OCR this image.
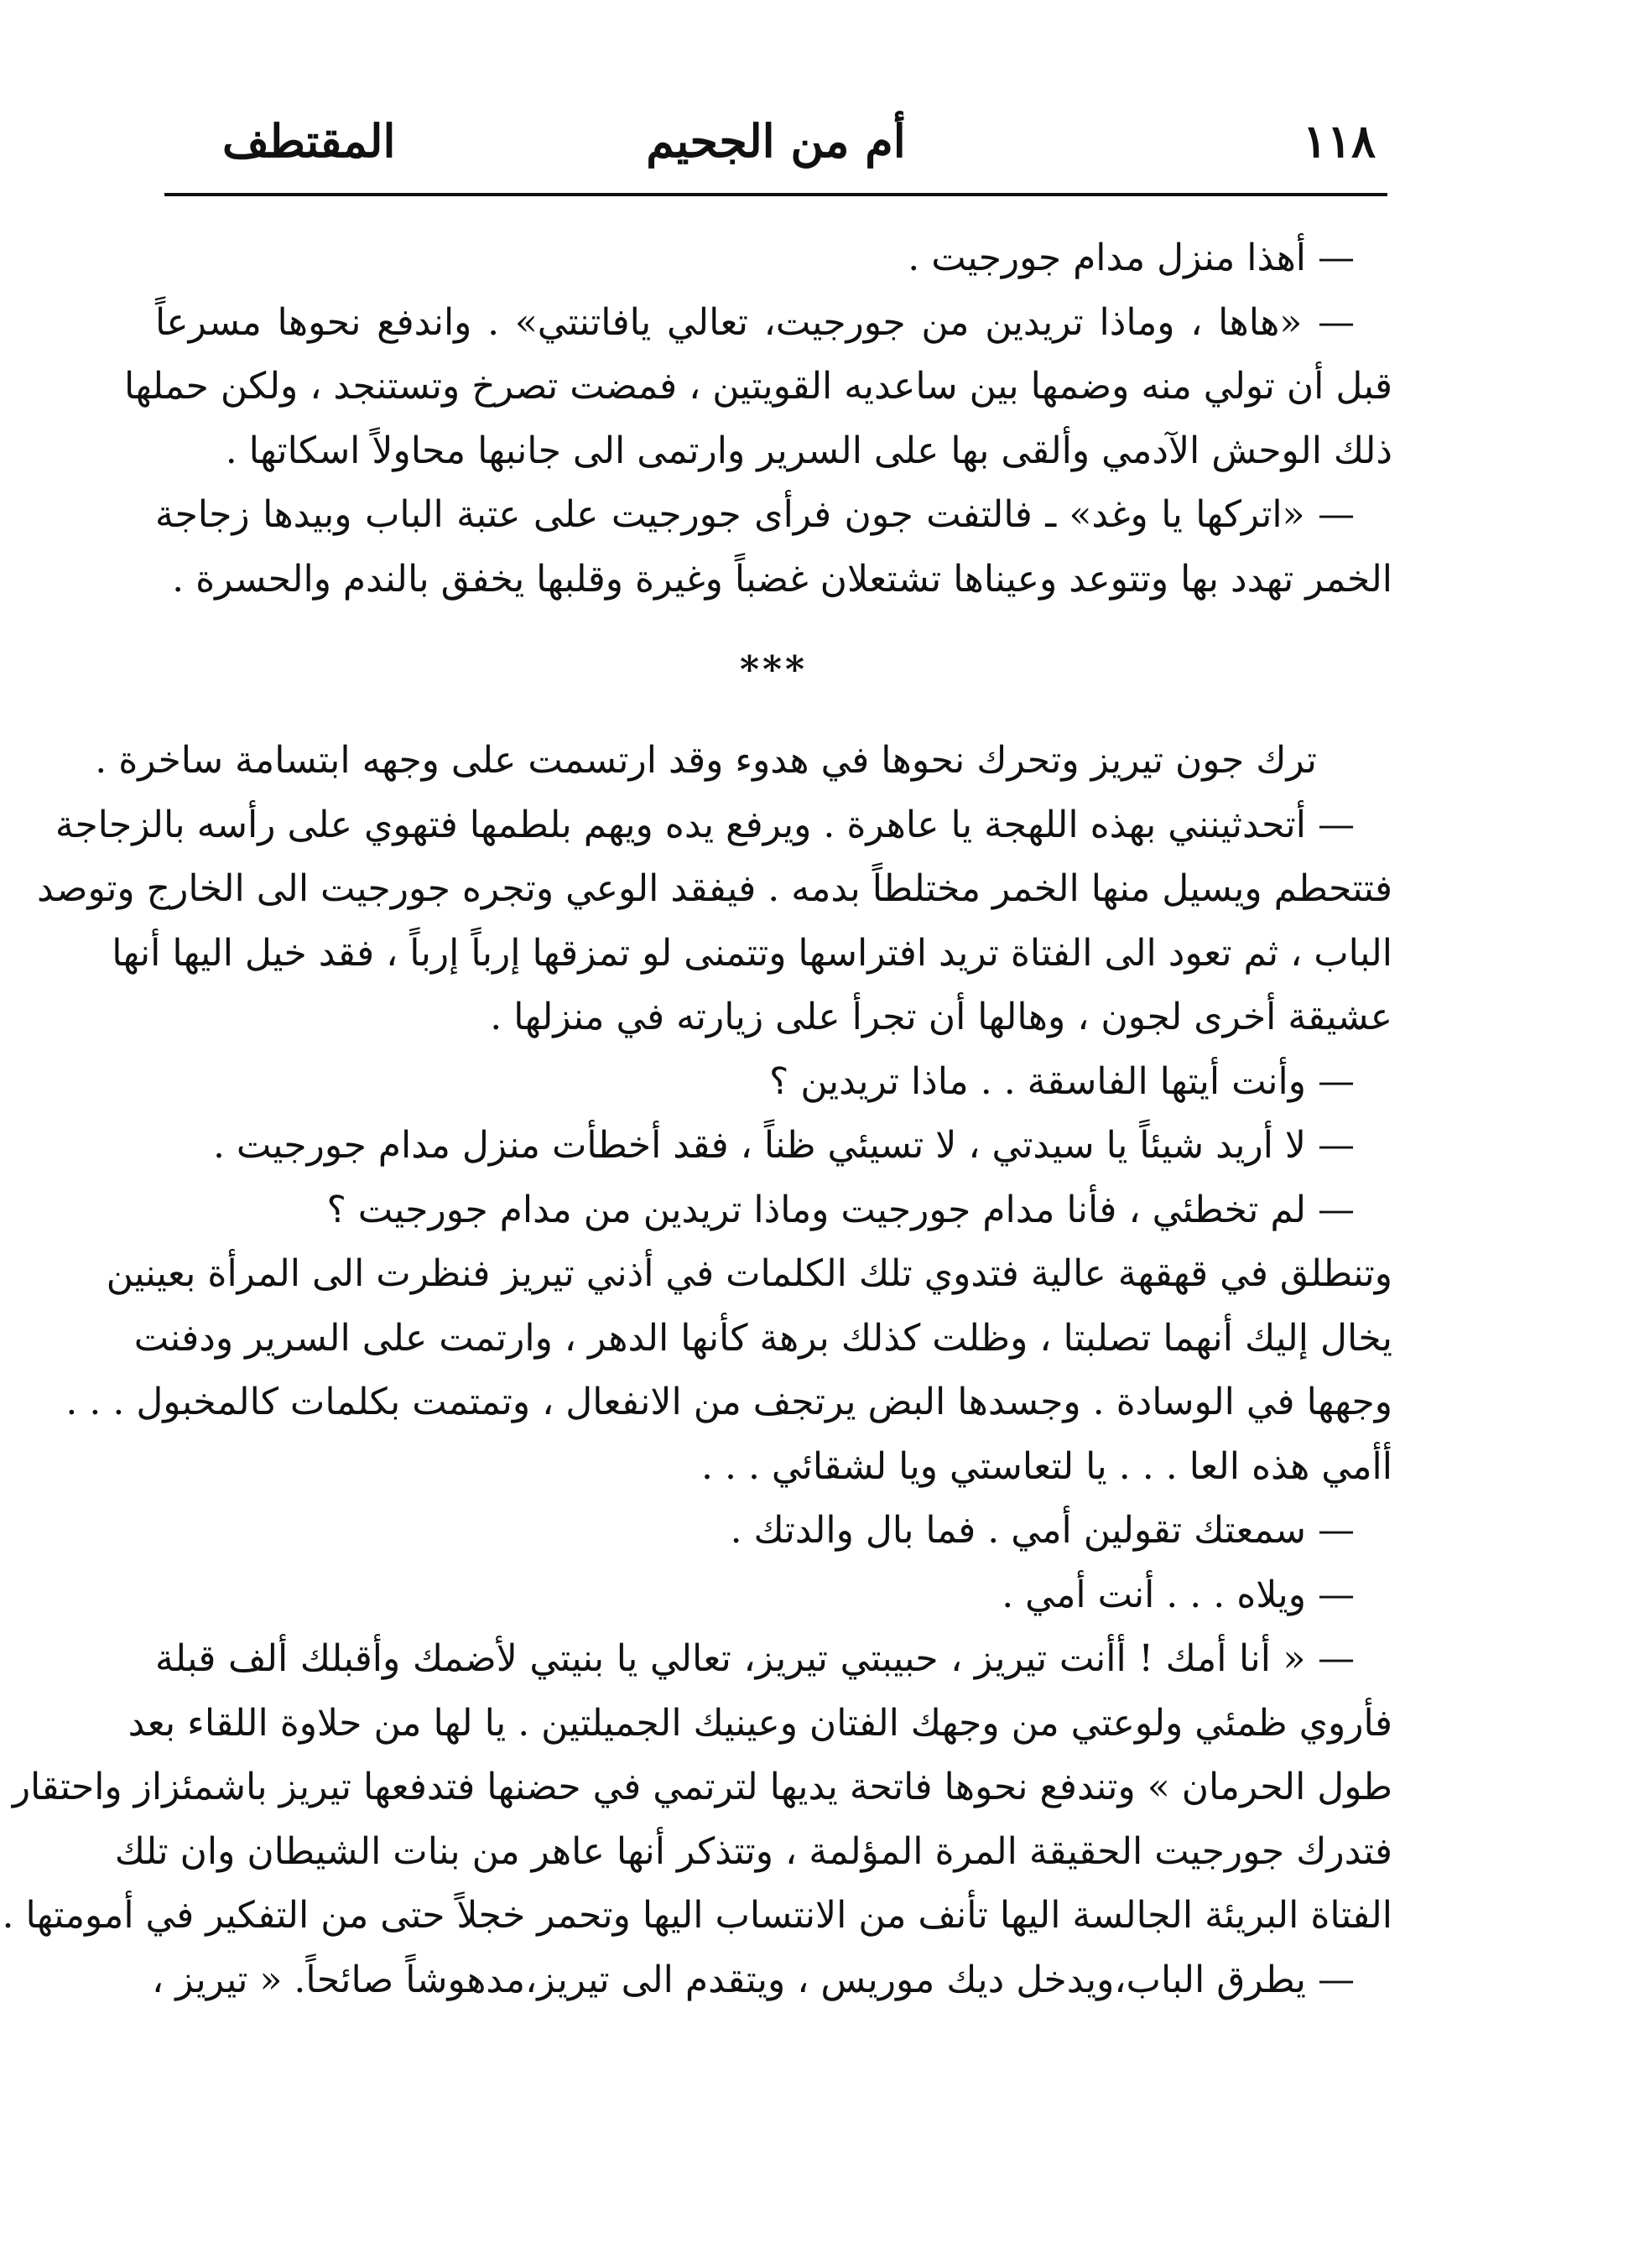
١١٨
أم من الجحيم
المقتطف
— أهذا منزل مدام جورجيت .
— «هاها ، وماذا تريدين من جورجيت، تعالي يافاتنتي» . واندفع نحوها مسرعاً
قبل أن تولي منه وضمها بين ساعديه القويتين ، فمضت تصرخ وتستنجد ، ولكن حملها
ذلك الوحش الآدمي وألقى بها على السرير وارتمى الى جانبها محاولاً اسكاتها .
— «اتركها يا وغد» ـ فالتفت جون فرأى جورجيت على عتبة الباب وبيدها زجاجة
الخمر تهدد بها وتتوعد وعيناها تشتعلان غضباً وغيرة وقلبها يخفق بالندم والحسرة .
***
ترك جون تيريز وتحرك نحوها في هدوء وقد ارتسمت على وجهه ابتسامة ساخرة .
— أتحدثينني بهذه اللهجة يا عاهرة . ويرفع يده ويهم بلطمها فتهوي على رأسه بالزجاجة
فتتحطم ويسيل منها الخمر مختلطاً بدمه . فيفقد الوعي وتجره جورجيت الى الخارج وتوصد
الباب ، ثم تعود الى الفتاة تريد افتراسها وتتمنى لو تمزقها إرباً إرباً ، فقد خيل اليها أنها
عشيقة أخرى لجون ، وهالها أن تجرأ على زيارته في منزلها .
— وأنت أيتها الفاسقة . . ماذا تريدين ؟
— لا أريد شيئاً يا سيدتي ، لا تسيئي ظناً ، فقد أخطأت منزل مدام جورجيت .
— لم تخطئي ، فأنا مدام جورجيت وماذا تريدين من مدام جورجيت ؟
وتنطلق في قهقهة عالية فتدوي تلك الكلمات في أذني تيريز فنظرت الى المرأة بعينين
يخال إليك أنهما تصلبتا ، وظلت كذلك برهة كأنها الدهر ، وارتمت على السرير ودفنت
وجهها في الوسادة . وجسدها البض يرتجف من الانفعال ، وتمتمت بكلمات كالمخبول . . .
أأمي هذه العا . . . يا لتعاستي ويا لشقائي . . .
— سمعتك تقولين أمي . فما بال والدتك .
— ويلاه . . . أنت أمي .
— « أنا أمك ! أأنت تيريز ، حبيبتي تيريز، تعالي يا بنيتي لأضمك وأقبلك ألف قبلة
فأروي ظمئي ولوعتي من وجهك الفتان وعينيك الجميلتين . يا لها من حلاوة اللقاء بعد
طول الحرمان » وتندفع نحوها فاتحة يديها لترتمي في حضنها فتدفعها تيريز باشمئزاز واحتقار
فتدرك جورجيت الحقيقة المرة المؤلمة ، وتتذكر أنها عاهر من بنات الشيطان وان تلك
الفتاة البريئة الجالسة اليها تأنف من الانتساب اليها وتحمر خجلاً حتى من التفكير في أمومتها .
— يطرق الباب،ويدخل ديك موريس ، ويتقدم الى تيريز،مدهوشاً صائحاً. « تيريز ،
